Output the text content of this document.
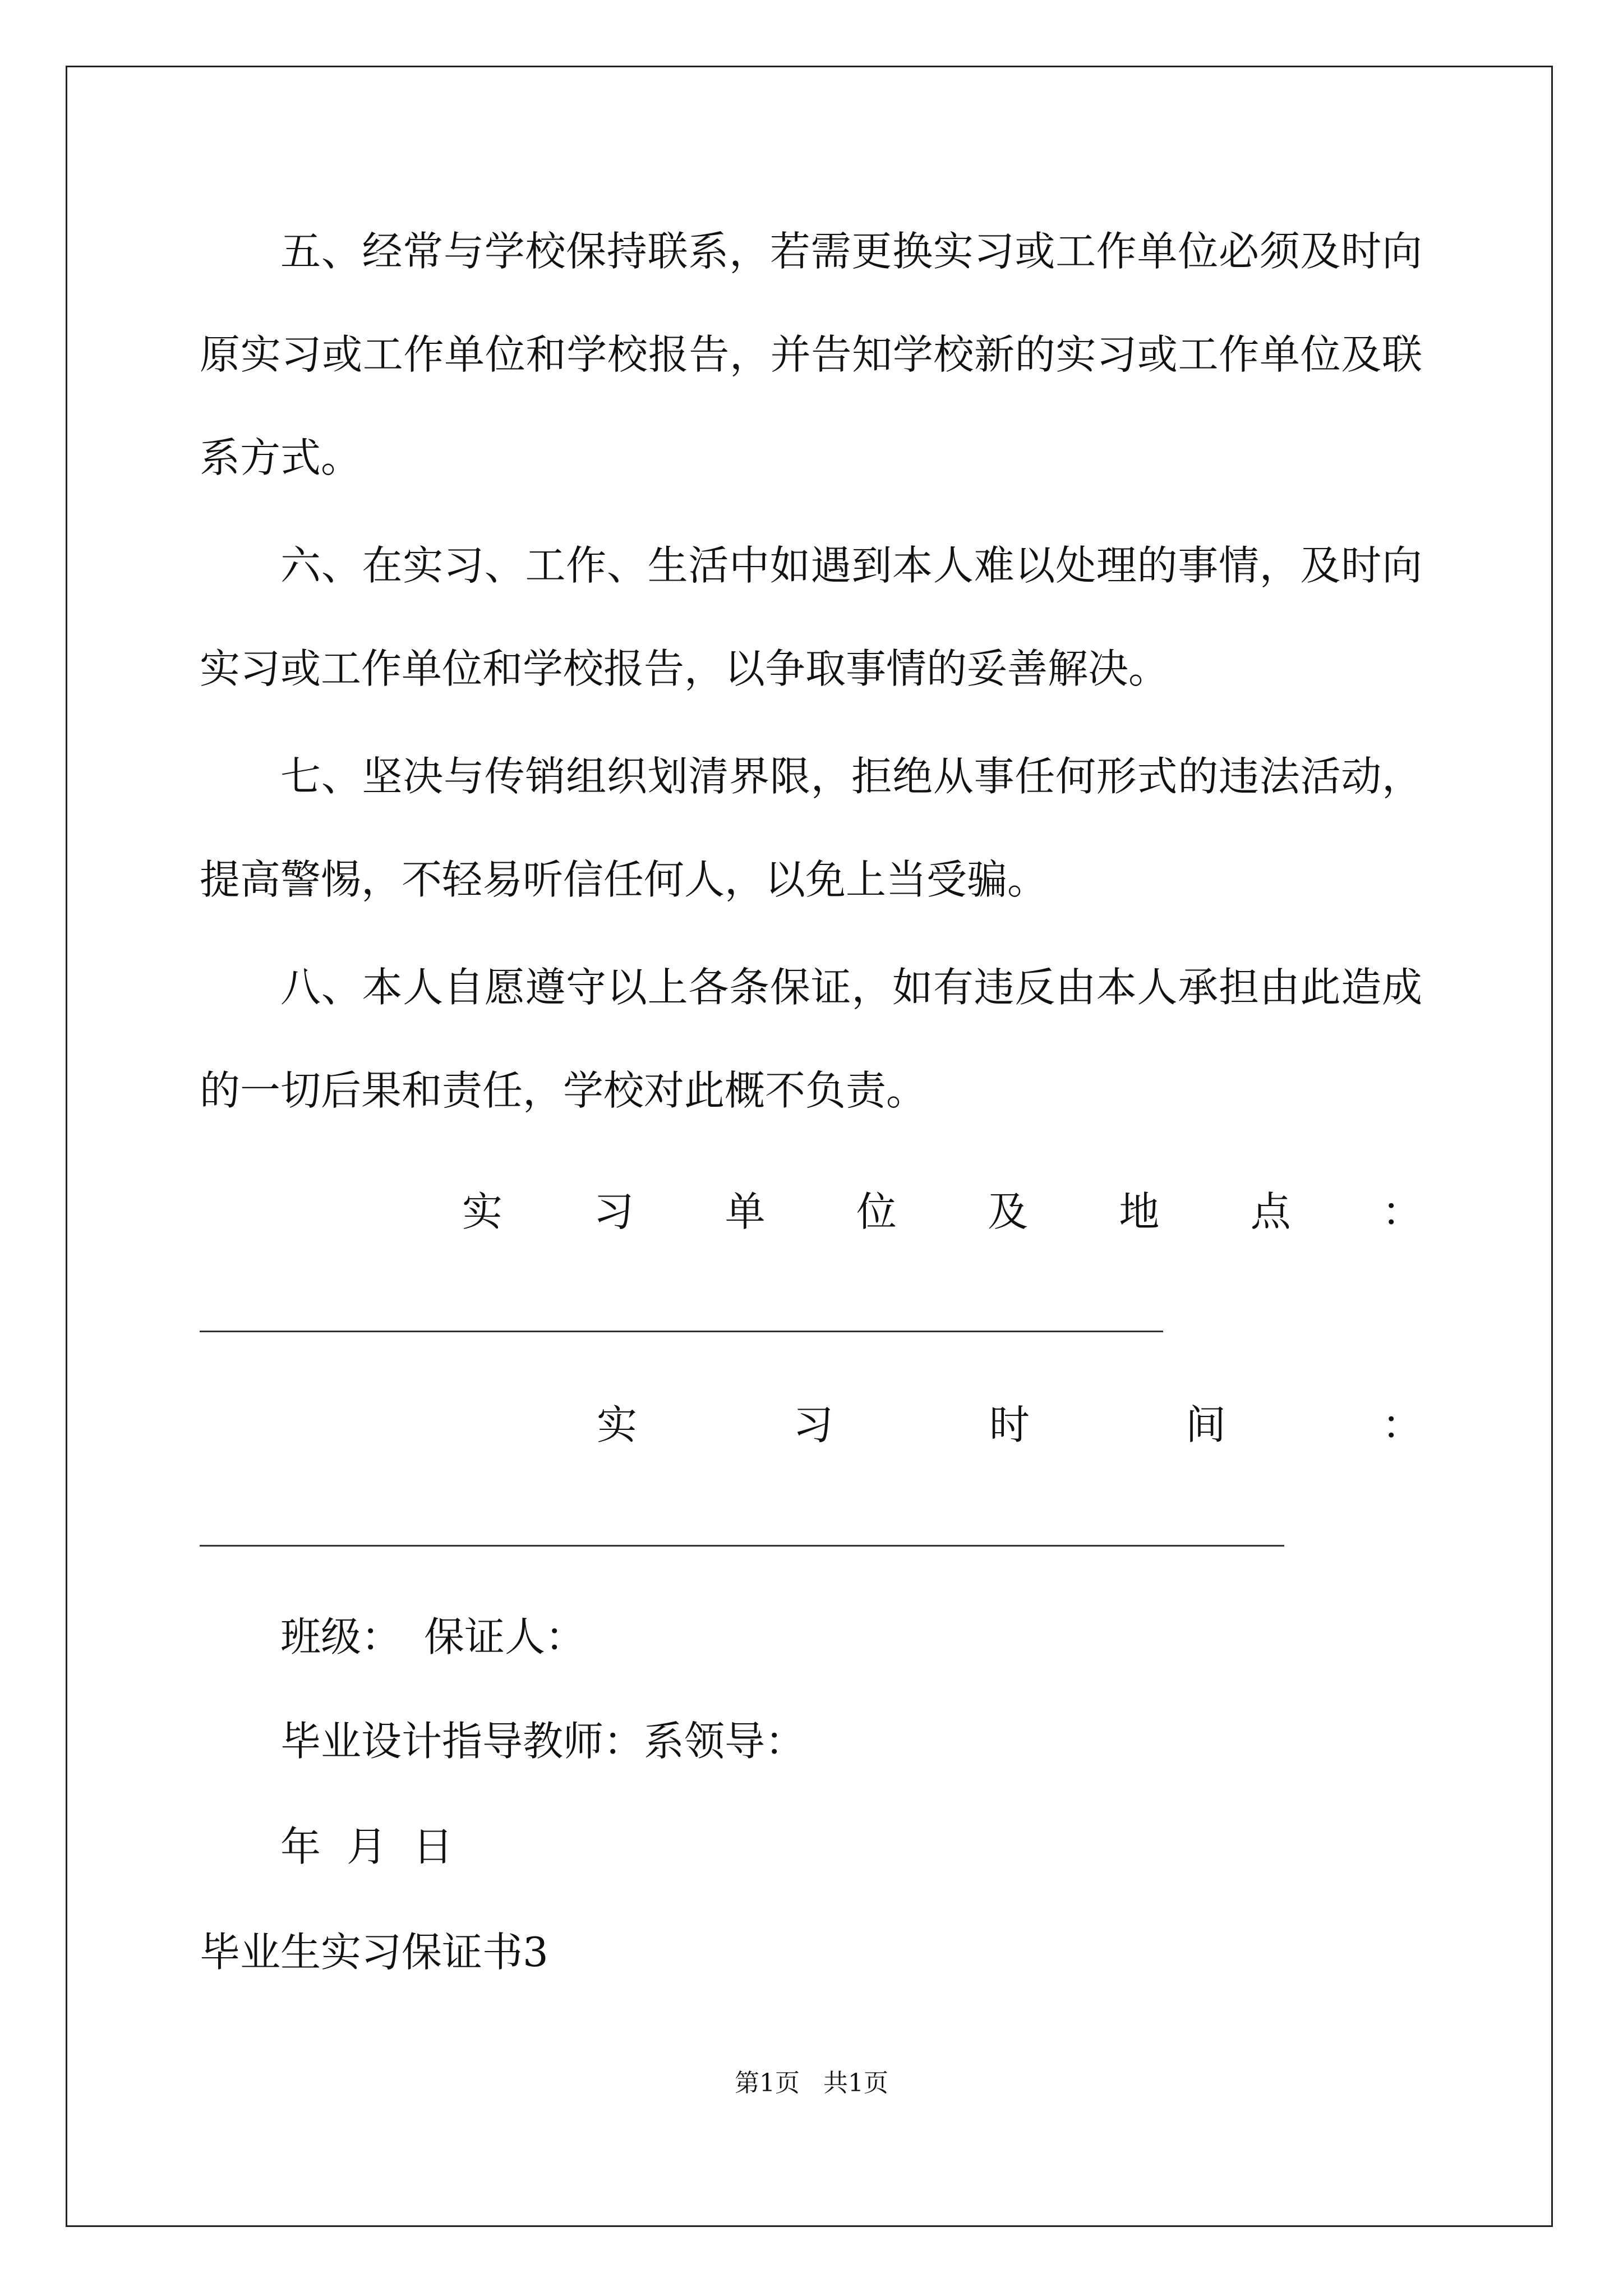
五、经常与学校保持联系，若需更换实习或工作单位必须及时向
原实习或工作单位和学校报告，并告知学校新的实习或工作单位及联
系方式。
六、在实习、工作、生活中如遇到本人难以处理的事情，及时向
实习或工作单位和学校报告，以争取事情的妥善解决。
七、坚决与传销组织划清界限，拒绝从事任何形式的违法活动，
提高警惕，不轻易听信任何人，以免上当受骗。
八、本人自愿遵守以上各条保证，如有违反由本人承担由此造成
的一切后果和责任，学校对此概不负责。
实 习 单 位 及 地 点 ：
实	习	时	间	：
班级： 保证人：
毕业设计指导教师：系领导：
年 月 日
毕业生实习保证书3
第1页 共1页
